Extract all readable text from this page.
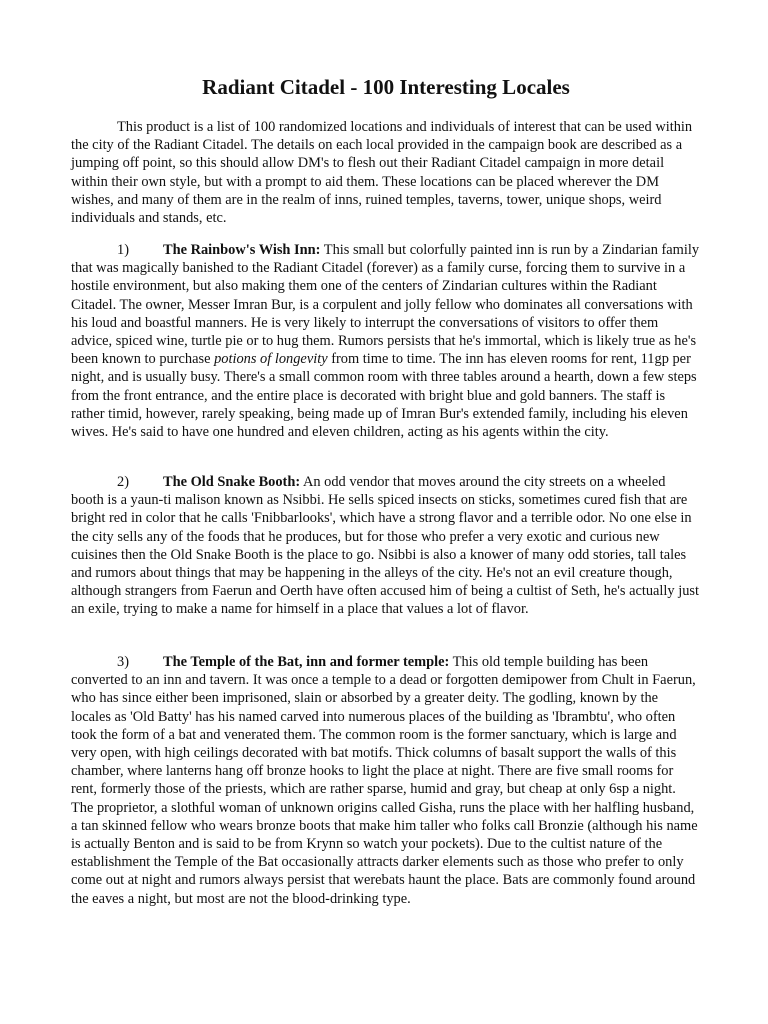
Radiant Citadel - 100 Interesting Locales

This product is a list of 100 randomized locations and individuals of interest that can be used within the city of the Radiant Citadel. The details on each local provided in the campaign book are described as a jumping off point, so this should allow DM's to flesh out their Radiant Citadel campaign in more detail within their own style, but with a prompt to aid them. These locations can be placed wherever the DM wishes, and many of them are in the realm of inns, ruined temples, taverns, tower, unique shops, weird individuals and stands, etc.

1) The Rainbow's Wish Inn: This small but colorfully painted inn is run by a Zindarian family that was magically banished to the Radiant Citadel (forever) as a family curse, forcing them to survive in a hostile environment, but also making them one of the centers of Zindarian cultures within the Radiant Citadel. The owner, Messer Imran Bur, is a corpulent and jolly fellow who dominates all conversations with his loud and boastful manners. He is very likely to interrupt the conversations of visitors to offer them advice, spiced wine, turtle pie or to hug them. Rumors persists that he's immortal, which is likely true as he's been known to purchase potions of longevity from time to time. The inn has eleven rooms for rent, 11gp per night, and is usually busy. There's a small common room with three tables around a hearth, down a few steps from the front entrance, and the entire place is decorated with bright blue and gold banners. The staff is rather timid, however, rarely speaking, being made up of Imran Bur's extended family, including his eleven wives. He's said to have one hundred and eleven children, acting as his agents within the city.

2) The Old Snake Booth: An odd vendor that moves around the city streets on a wheeled booth is a yaun-ti malison known as Nsibbi. He sells spiced insects on sticks, sometimes cured fish that are bright red in color that he calls 'Fnibbarlooks', which have a strong flavor and a terrible odor. No one else in the city sells any of the foods that he produces, but for those who prefer a very exotic and curious new cuisines then the Old Snake Booth is the place to go. Nsibbi is also a knower of many odd stories, tall tales and rumors about things that may be happening in the alleys of the city. He's not an evil creature though, although strangers from Faerun and Oerth have often accused him of being a cultist of Seth, he's actually just an exile, trying to make a name for himself in a place that values a lot of flavor.

3) The Temple of the Bat, inn and former temple: This old temple building has been converted to an inn and tavern. It was once a temple to a dead or forgotten demipower from Chult in Faerun, who has since either been imprisoned, slain or absorbed by a greater deity. The godling, known by the locales as 'Old Batty' has his named carved into numerous places of the building as 'Ibrambtu', who often took the form of a bat and venerated them. The common room is the former sanctuary, which is large and very open, with high ceilings decorated with bat motifs. Thick columns of basalt support the walls of this chamber, where lanterns hang off bronze hooks to light the place at night. There are five small rooms for rent, formerly those of the priests, which are rather sparse, humid and gray, but cheap at only 6sp a night. The proprietor, a slothful woman of unknown origins called Gisha, runs the place with her halfling husband, a tan skinned fellow who wears bronze boots that make him taller who folks call Bronzie (although his name is actually Benton and is said to be from Krynn so watch your pockets). Due to the cultist nature of the establishment the Temple of the Bat occasionally attracts darker elements such as those who prefer to only come out at night and rumors always persist that werebats haunt the place. Bats are commonly found around the eaves a night, but most are not the blood-drinking type.
